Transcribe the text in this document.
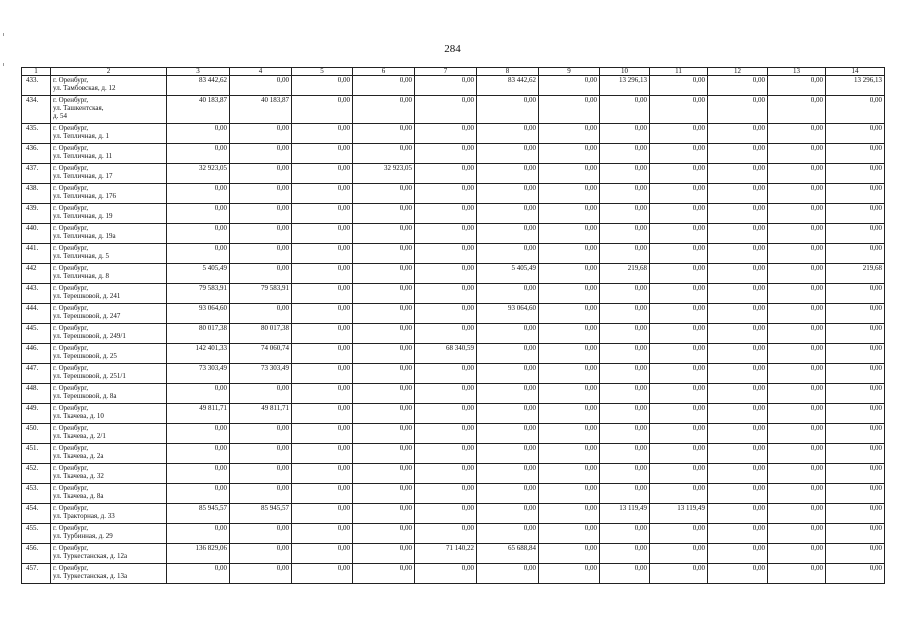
284
1	2	3	4	5	6	7	8	9	10	11	12	13	14
433.	г. Оренбург,
ул. Тамбовская, д. 12	83 442,62	0,00	0,00	0,00	0,00	83 442,62	0,00	13 296,13	0,00	0,00	0,00	13 296,13
434.	г. Оренбург,
ул. Ташкентская,
д. 54	40 183,87	40 183,87	0,00	0,00	0,00	0,00	0,00	0,00	0,00	0,00	0,00	0,00
435.	г. Оренбург,
ул. Тепличная, д. 1	0,00	0,00	0,00	0,00	0,00	0,00	0,00	0,00	0,00	0,00	0,00	0,00
436.	г. Оренбург,
ул. Тепличная, д. 11	0,00	0,00	0,00	0,00	0,00	0,00	0,00	0,00	0,00	0,00	0,00	0,00
437.	г. Оренбург,
ул. Тепличная, д. 17	32 923,05	0,00	0,00	32 923,05	0,00	0,00	0,00	0,00	0,00	0,00	0,00	0,00
438.	г. Оренбург,
ул. Тепличная, д. 176	0,00	0,00	0,00	0,00	0,00	0,00	0,00	0,00	0,00	0,00	0,00	0,00
439.	г. Оренбург,
ул. Тепличная, д. 19	0,00	0,00	0,00	0,00	0,00	0,00	0,00	0,00	0,00	0,00	0,00	0,00
440.	г. Оренбург,
ул. Тепличная, д. 19а	0,00	0,00	0,00	0,00	0,00	0,00	0,00	0,00	0,00	0,00	0,00	0,00
441.	г. Оренбург,
ул. Тепличная, д. 5	0,00	0,00	0,00	0,00	0,00	0,00	0,00	0,00	0,00	0,00	0,00	0,00
442	г. Оренбург,
ул. Тепличная, д. 8	5 405,49	0,00	0,00	0,00	0,00	5 405,49	0,00	219,68	0,00	0,00	0,00	219,68
443.	г. Оренбург,
ул. Терешковой, д. 241	79 583,91	79 583,91	0,00	0,00	0,00	0,00	0,00	0,00	0,00	0,00	0,00	0,00
444.	г. Оренбург,
ул. Терешковой, д. 247	93 064,60	0,00	0,00	0,00	0,00	93 064,60	0,00	0,00	0,00	0,00	0,00	0,00
445.	г. Оренбург,
ул. Терешковой, д. 249/1	80 017,38	80 017,38	0,00	0,00	0,00	0,00	0,00	0,00	0,00	0,00	0,00	0,00
446.	г. Оренбург,
ул. Терешковой, д. 25	142 401,33	74 060,74	0,00	0,00	68 340,59	0,00	0,00	0,00	0,00	0,00	0,00	0,00
447.	г. Оренбург,
ул. Терешковой, д. 251/1	73 303,49	73 303,49	0,00	0,00	0,00	0,00	0,00	0,00	0,00	0,00	0,00	0,00
448.	г. Оренбург,
ул. Терешковой, д. 8а	0,00	0,00	0,00	0,00	0,00	0,00	0,00	0,00	0,00	0,00	0,00	0,00
449.	г. Оренбург,
ул. Ткачева, д. 10	49 811,71	49 811,71	0,00	0,00	0,00	0,00	0,00	0,00	0,00	0,00	0,00	0,00
450.	г. Оренбург,
ул. Ткачева, д. 2/1	0,00	0,00	0,00	0,00	0,00	0,00	0,00	0,00	0,00	0,00	0,00	0,00
451.	г. Оренбург,
ул. Ткачева, д. 2а	0,00	0,00	0,00	0,00	0,00	0,00	0,00	0,00	0,00	0,00	0,00	0,00
452.	г. Оренбург,
ул. Ткачева, д. 32	0,00	0,00	0,00	0,00	0,00	0,00	0,00	0,00	0,00	0,00	0,00	0,00
453.	г. Оренбург,
ул. Ткачева, д. 8а	0,00	0,00	0,00	0,00	0,00	0,00	0,00	0,00	0,00	0,00	0,00	0,00
454.	г. Оренбург,
ул. Тракторная, д. 33	85 945,57	85 945,57	0,00	0,00	0,00	0,00	0,00	13 119,49	13 119,49	0,00	0,00	0,00
455.	г. Оренбург,
ул. Турбинная, д. 29	0,00	0,00	0,00	0,00	0,00	0,00	0,00	0,00	0,00	0,00	0,00	0,00
456.	г. Оренбург,
ул. Туркестанская, д. 12а	136 829,06	0,00	0,00	0,00	71 140,22	65 688,84	0,00	0,00	0,00	0,00	0,00	0,00
457.	г. Оренбург,
ул. Туркестанская, д. 13а	0,00	0,00	0,00	0,00	0,00	0,00	0,00	0,00	0,00	0,00	0,00	0,00
